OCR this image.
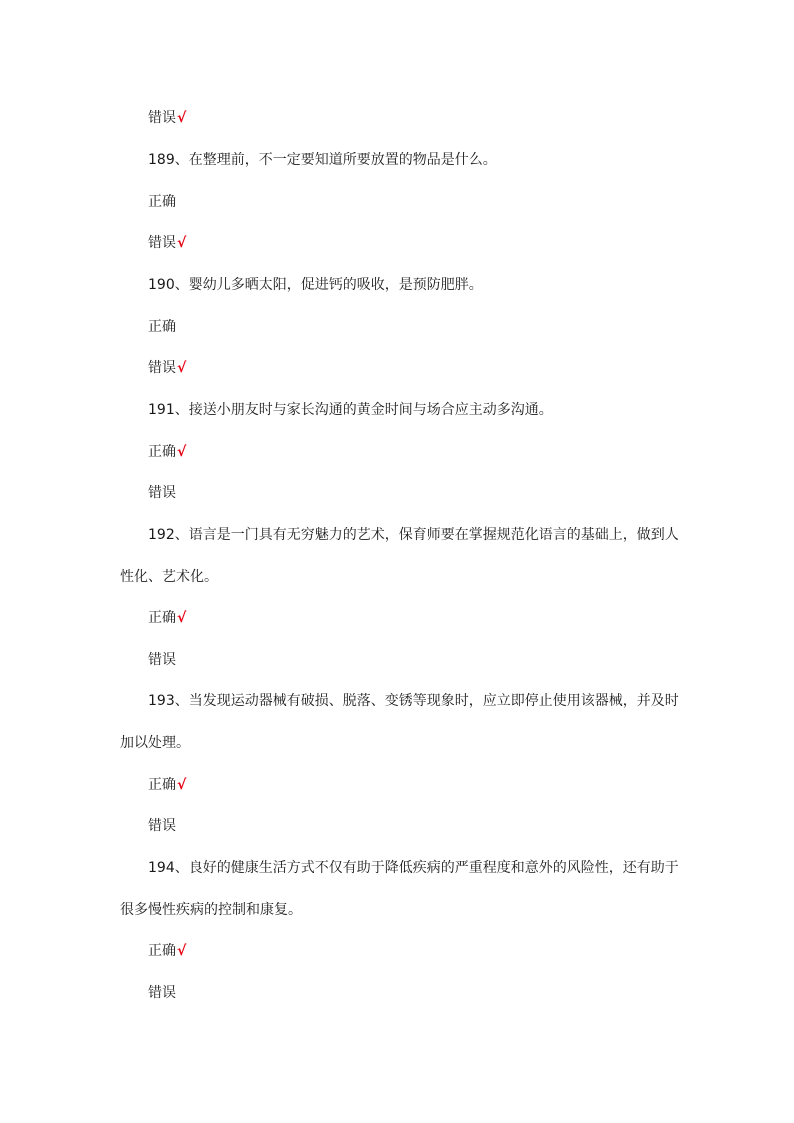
错误√
189、在整理前，不一定要知道所要放置的物品是什么。
正确
错误√
190、婴幼儿多晒太阳，促进钙的吸收，是预防肥胖。
正确
错误√
191、接送小朋友时与家长沟通的黄金时间与场合应主动多沟通。
正确√
错误
192、语言是一门具有无穷魅力的艺术，保育师要在掌握规范化语言的基础上，做到人
性化、艺术化。
正确√
错误
193、当发现运动器械有破损、脱落、变锈等现象时，应立即停止使用该器械，并及时
加以处理。
正确√
错误
194、良好的健康生活方式不仅有助于降低疾病的严重程度和意外的风险性，还有助于
很多慢性疾病的控制和康复。
正确√
错误
